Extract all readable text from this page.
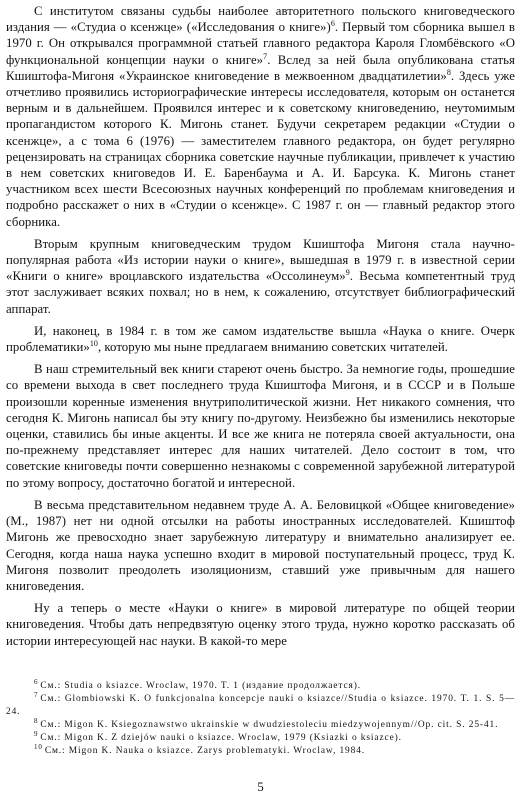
С институтом связаны судьбы наиболее авторитетного польского книговедческого издания — «Студиа о ксенжце» («Исследования о книге»)$^6$. Первый том сборника вышел в 1970 г. Он открывался программной статьей главного редактора Кароля Гломбёвского «О функциональной концепции науки о книге»$^7$. Вслед за ней была опубликована статья Кшиштофа-Мигоня «Украинское книговедение в межвоенном двадцатилетии»$^8$. Здесь уже отчетливо проявились историографические интересы исследователя, которым он останется верным и в дальнейшем. Проявился интерес и к советскому книговедению, неутомимым пропагандистом которого К. Мигонь станет. Будучи секретарем редакции «Студии о ксенжце», а с тома 6 (1976) — заместителем главного редактора, он будет регулярно рецензировать на страницах сборника советские научные публикации, привлечет к участию в нем советских книговедов И. Е. Баренбаума и А. И. Барсука. К. Мигонь станет участником всех шести Всесоюзных научных конференций по проблемам книговедения и подробно расскажет о них в «Студии о ксенжце». С 1987 г. он — главный редактор этого сборника.

Вторым крупным книговедческим трудом Кшиштофа Мигоня стала научно-популярная работа «Из истории науки о книге», вышедшая в 1979 г. в известной серии «Книги о книге» вроцлавского издательства «Оссолинеум»$^9$. Весьма компетентный труд этот заслуживает всяких похвал; но в нем, к сожалению, отсутствует библиографический аппарат.

И, наконец, в 1984 г. в том же самом издательстве вышла «Наука о книге. Очерк проблематики»$^{10}$, которую мы ныне предлагаем вниманию советских читателей.

В наш стремительный век книги стареют очень быстро. За немногие годы, прошедшие со времени выхода в свет последнего труда Кшиштофа Мигоня, и в СССР и в Польше произошли коренные изменения внутриполитической жизни. Нет никакого сомнения, что сегодня К. Мигонь написал бы эту книгу по-другому. Неизбежно бы изменились некоторые оценки, ставились бы иные акценты. И все же книга не потеряла своей актуальности, она по-прежнему представляет интерес для наших читателей. Дело состоит в том, что советские книговеды почти совершенно незнакомы с современной зарубежной литературой по этому вопросу, достаточно богатой и интересной.

В весьма представительном недавнем труде А. А. Беловицкой «Общее книговедение» (М., 1987) нет ни одной отсылки на работы иностранных исследователей. Кшиштоф Мигонь же превосходно знает зарубежную литературу и внимательно анализирует ее. Сегодня, когда наша наука успешно входит в мировой поступательный процесс, труд К. Мигоня позволит преодолеть изоляционизм, ставший уже привычным для нашего книговедения.

Ну а теперь о месте «Науки о книге» в мировой литературе по общей теории книговедения. Чтобы дать непредвзятую оценку этого труда, нужно коротко рассказать об истории интересующей нас науки. В какой-то мере

$^6$ См.: Studia o ksiazce. Wroclaw, 1970. T. 1 (издание продолжается).
$^7$ См.: Glombiowski K. O funkcjonalna koncepcje nauki o ksiazce//Studia o ksiazce. 1970. T. 1. S. 5—24.
$^8$ См.: Migon K. Ksiegoznawstwo ukrainskie w dwudziestoleciu miedzywojennym//Op. cit. S. 25-41.
$^9$ См.: Migon K. Z dziejów nauki o ksiazce. Wroclaw, 1979 (Ksiazki o ksiazce).
$^{10}$ См.: Migon K. Nauka o ksiazce. Zarys problematyki. Wroclaw, 1984.
5
